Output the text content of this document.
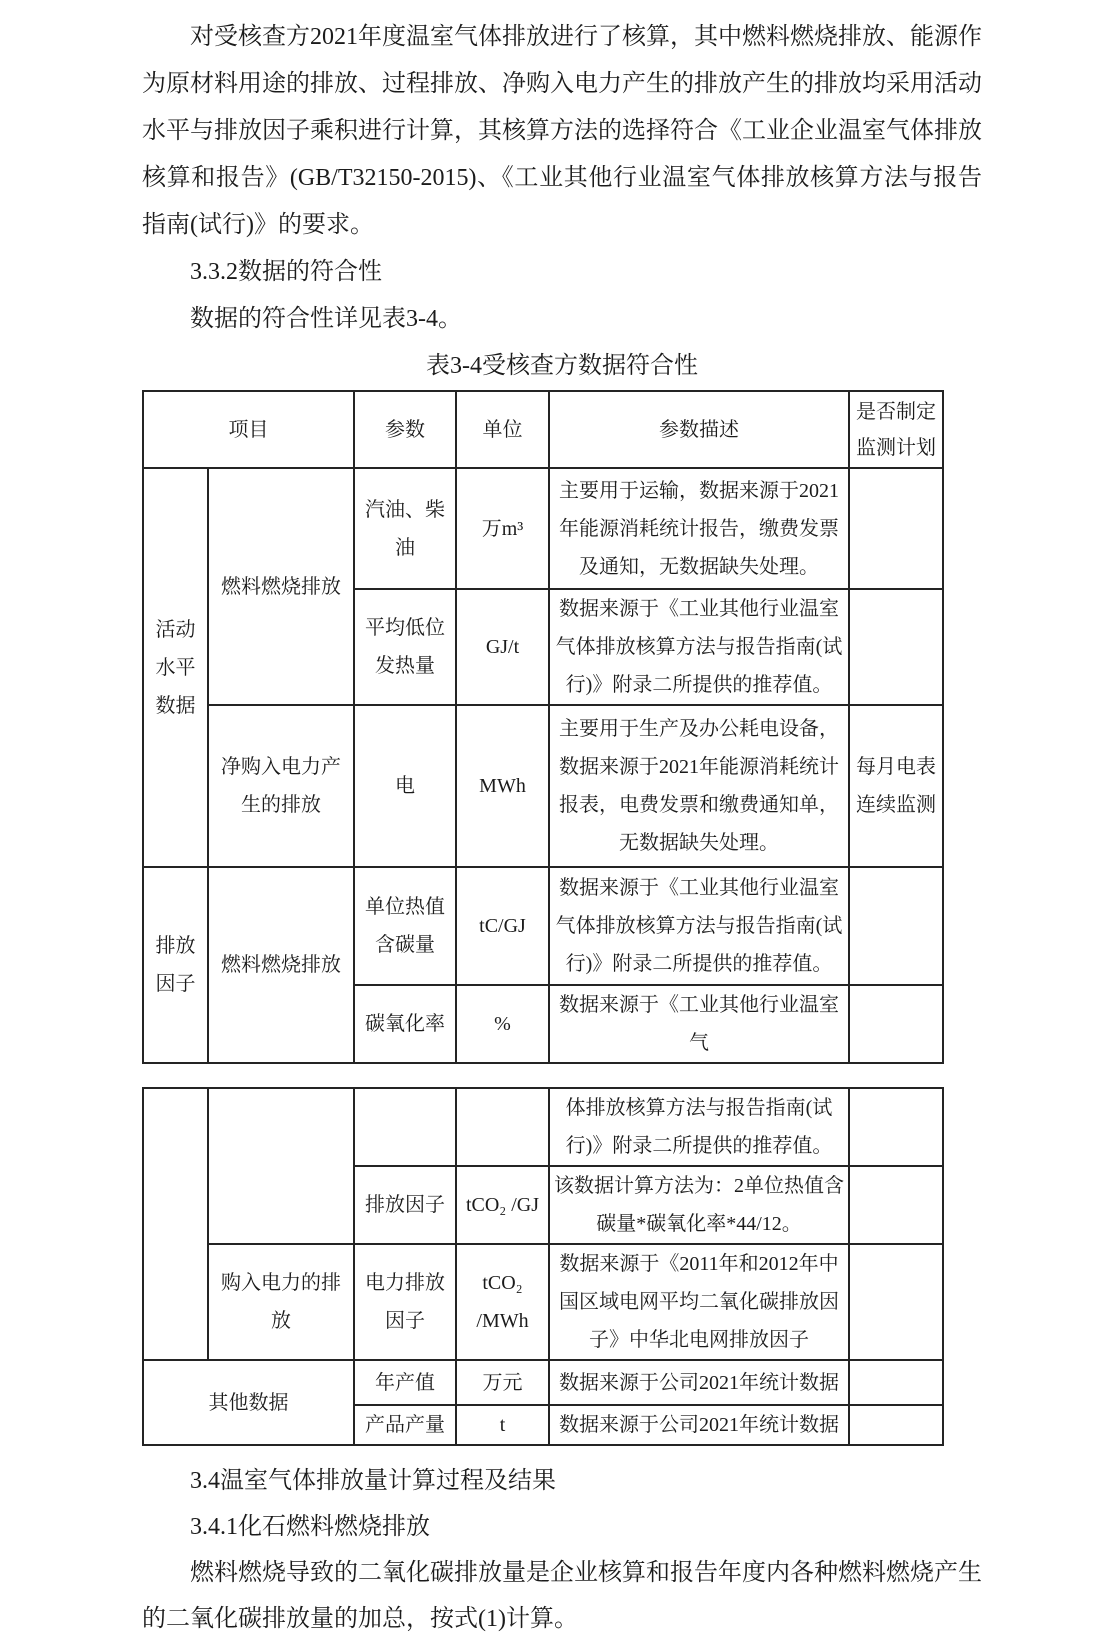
对受核查方2021年度温室气体排放进行了核算，其中燃料燃烧排放、能源作为原材料用途的排放、过程排放、净购入电力产生的排放产生的排放均采用活动水平与排放因子乘积进行计算，其核算方法的选择符合《工业企业温室气体排放核算和报告》(GB/T32150-2015)、《工业其他行业温室气体排放核算方法与报告指南(试行)》的要求。

3.3.2数据的符合性

数据的符合性详见表3-4。

表3-4受核查方数据符合性

项目		参数	单位	参数描述	是否制定监测计划
活动水平数据	燃料燃烧排放	汽油、柴油	万m³	主要用于运输，数据来源于2021年能源消耗统计报告，缴费发票及通知，无数据缺失处理。	
		平均低位发热量	GJ/t	数据来源于《工业其他行业温室气体排放核算方法与报告指南(试行)》附录二所提供的推荐值。	
	净购入电力产生的排放	电	MWh	主要用于生产及办公耗电设备，数据来源于2021年能源消耗统计报表，电费发票和缴费通知单，无数据缺失处理。	每月电表连续监测
排放因子	燃料燃烧排放	单位热值含碳量	tC/GJ	数据来源于《工业其他行业温室气体排放核算方法与报告指南(试行)》附录二所提供的推荐值。	
		碳氧化率	%	数据来源于《工业其他行业温室气	
				体排放核算方法与报告指南(试行)》附录二所提供的推荐值。	
		排放因子	tCO₂ /GJ	该数据计算方法为：2单位热值含碳量*碳氧化率*44/12。	
	购入电力的排放	电力排放因子	tCO₂ /MWh	数据来源于《2011年和2012年中国区域电网平均二氧化碳排放因子》中华北电网排放因子	
其他数据		年产值	万元	数据来源于公司2021年统计数据	
		产品产量	t	数据来源于公司2021年统计数据	

3.4温室气体排放量计算过程及结果

3.4.1化石燃料燃烧排放

燃料燃烧导致的二氧化碳排放量是企业核算和报告年度内各种燃料燃烧产生的二氧化碳排放量的加总，按式(1)计算。
